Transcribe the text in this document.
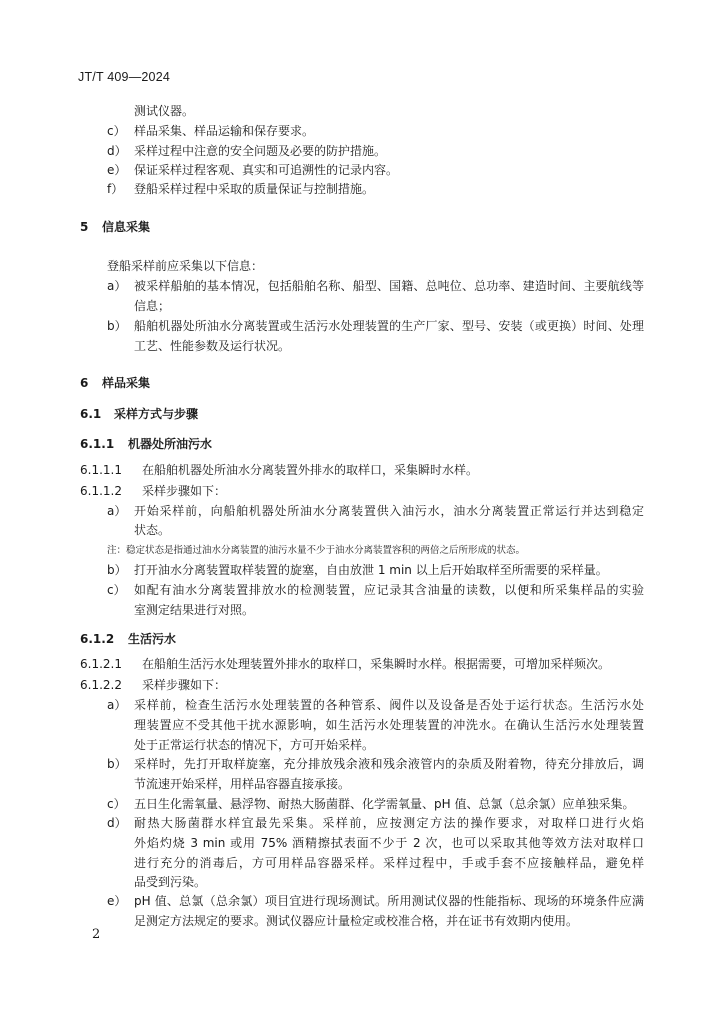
JT/T 409—2024
测试仪器。
c） 样品采集、样品运输和保存要求。
d） 采样过程中注意的安全问题及必要的防护措施。
e） 保证采样过程客观、真实和可追溯性的记录内容。
f） 登船采样过程中采取的质量保证与控制措施。
5 信息采集
登船采样前应采集以下信息：
a） 被采样船舶的基本情况，包括船舶名称、船型、国籍、总吨位、总功率、建造时间、主要航线等
信息；
b） 船舶机器处所油水分离装置或生活污水处理装置的生产厂家、型号、安装（或更换）时间、处理
工艺、性能参数及运行状况。
6 样品采集
6.1 采样方式与步骤
6.1.1 机器处所油污水
6.1.1.1 在船舶机器处所油水分离装置外排水的取样口，采集瞬时水样。
6.1.1.2 采样步骤如下：
a） 开始采样前，向船舶机器处所油水分离装置供入油污水，油水分离装置正常运行并达到稳定
状态。
注：稳定状态是指通过油水分离装置的油污水量不少于油水分离装置容积的两倍之后所形成的状态。
b） 打开油水分离装置取样装置的旋塞，自由放泄 1 min 以上后开始取样至所需要的采样量。
c） 如配有油水分离装置排放水的检测装置，应记录其含油量的读数，以便和所采集样品的实验
室测定结果进行对照。
6.1.2 生活污水
6.1.2.1 在船舶生活污水处理装置外排水的取样口，采集瞬时水样。根据需要，可增加采样频次。
6.1.2.2 采样步骤如下：
a） 采样前，检查生活污水处理装置的各种管系、阀件以及设备是否处于运行状态。生活污水处
理装置应不受其他干扰水源影响，如生活污水处理装置的冲洗水。在确认生活污水处理装置
处于正常运行状态的情况下，方可开始采样。
b） 采样时，先打开取样旋塞，充分排放残余液和残余液管内的杂质及附着物，待充分排放后，调
节流速开始采样，用样品容器直接承接。
c） 五日生化需氧量、悬浮物、耐热大肠菌群、化学需氧量、pH 值、总氯（总余氯）应单独采集。
d） 耐热大肠菌群水样宜最先采集。采样前，应按测定方法的操作要求，对取样口进行火焰
外焰灼烧 3 min 或用 75% 酒精擦拭表面不少于 2 次，也可以采取其他等效方法对取样口
进行充分的消毒后，方可用样品容器采样。采样过程中，手或手套不应接触样品，避免样
品受到污染。
e） pH 值、总氯（总余氯）项目宜进行现场测试。所用测试仪器的性能指标、现场的环境条件应满
足测定方法规定的要求。测试仪器应计量检定或校准合格，并在证书有效期内使用。
2
